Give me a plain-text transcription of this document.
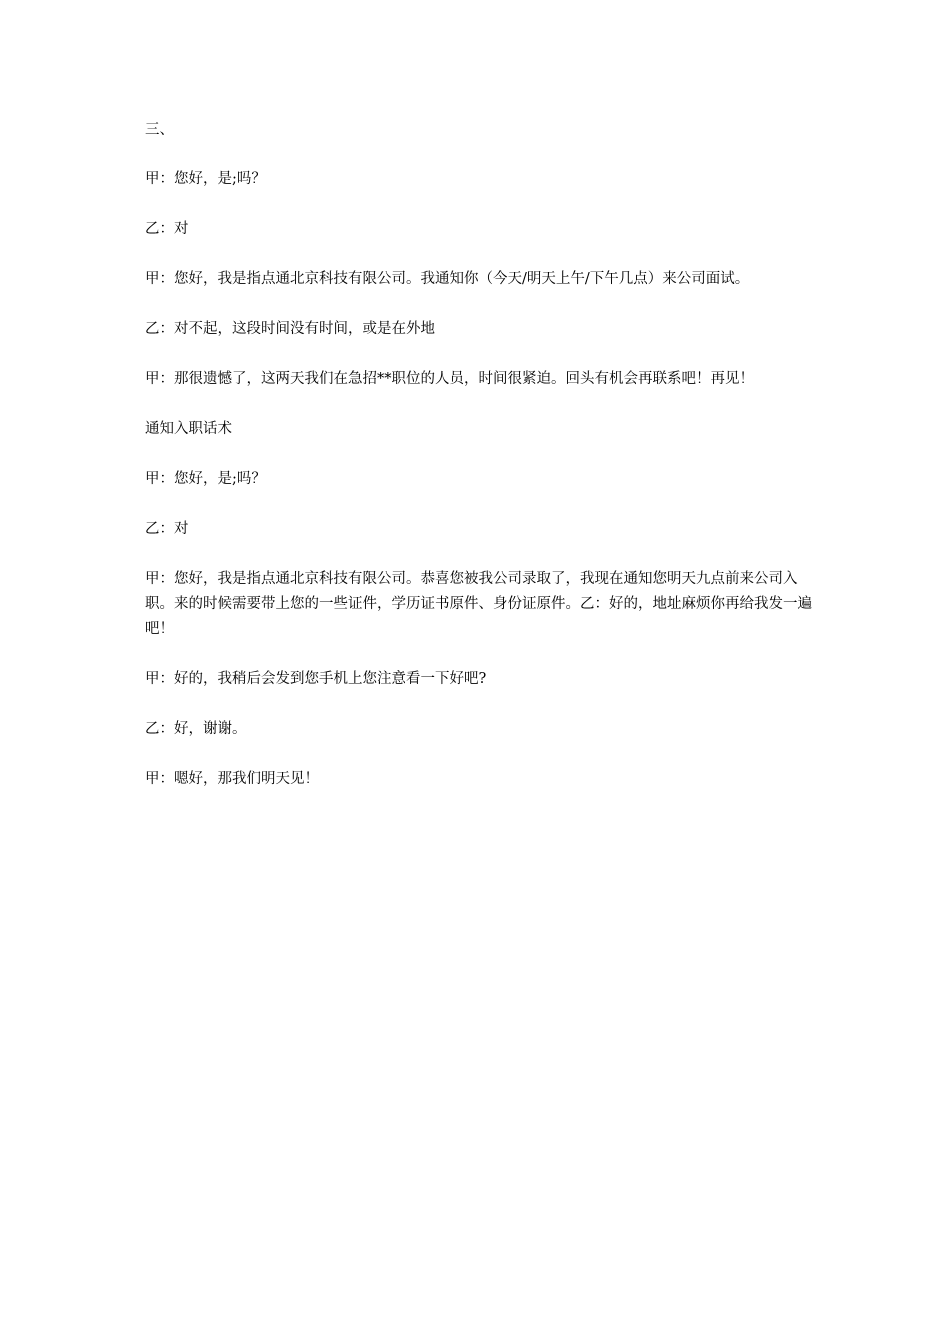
三、

甲：您好，是;吗？

乙：对

甲：您好，我是指点通北京科技有限公司。我通知你（今天/明天上午/下午几点）来公司面试。

乙：对不起，这段时间没有时间，或是在外地

甲：那很遗憾了，这两天我们在急招**职位的人员，时间很紧迫。回头有机会再联系吧！再见！

通知入职话术

甲：您好，是;吗？

乙：对

甲：您好，我是指点通北京科技有限公司。恭喜您被我公司录取了，我现在通知您明天九点前来公司入职。来的时候需要带上您的一些证件，学历证书原件、身份证原件。乙：好的，地址麻烦你再给我发一遍吧！

甲：好的，我稍后会发到您手机上您注意看一下好吧?

乙：好，谢谢。

甲：嗯好，那我们明天见！
